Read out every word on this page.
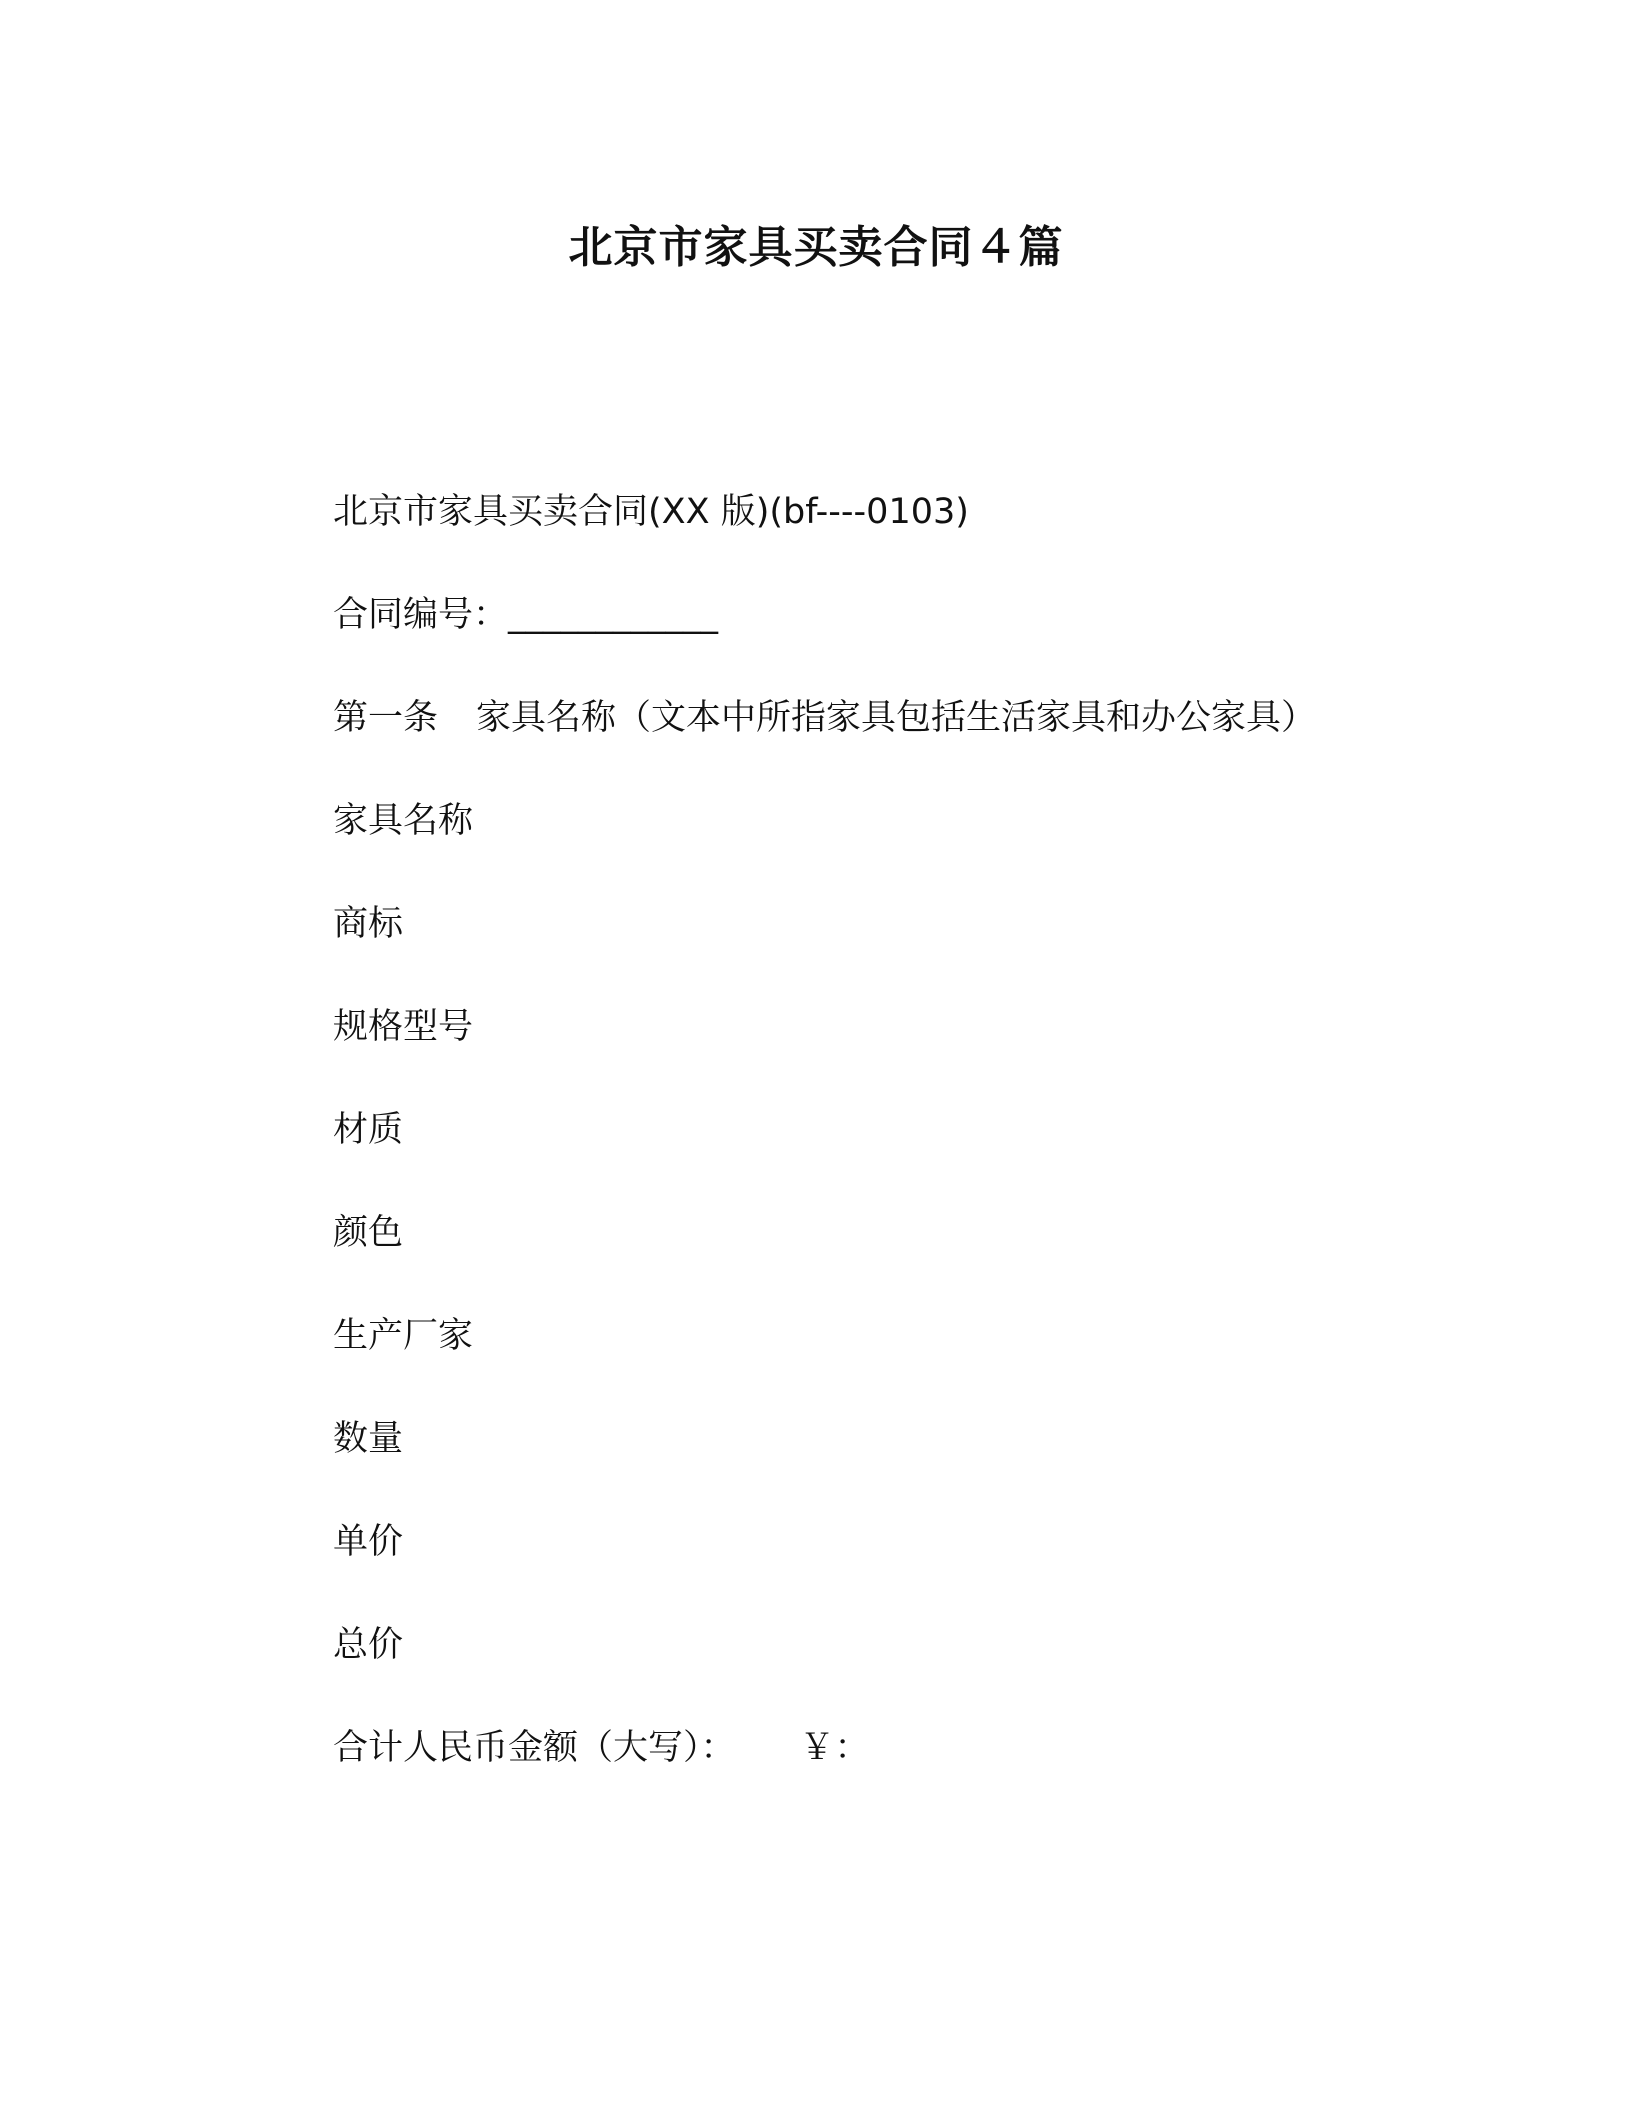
北京市家具买卖合同４篇
北京市家具买卖合同(XX 版)(bf----0103)
合同编号：____________
第一条 家具名称（文本中所指家具包括生活家具和办公家具）
家具名称
商标
规格型号
材质
颜色
生产厂家
数量
单价
总价
合计人民币金额（大写）： ￥：
